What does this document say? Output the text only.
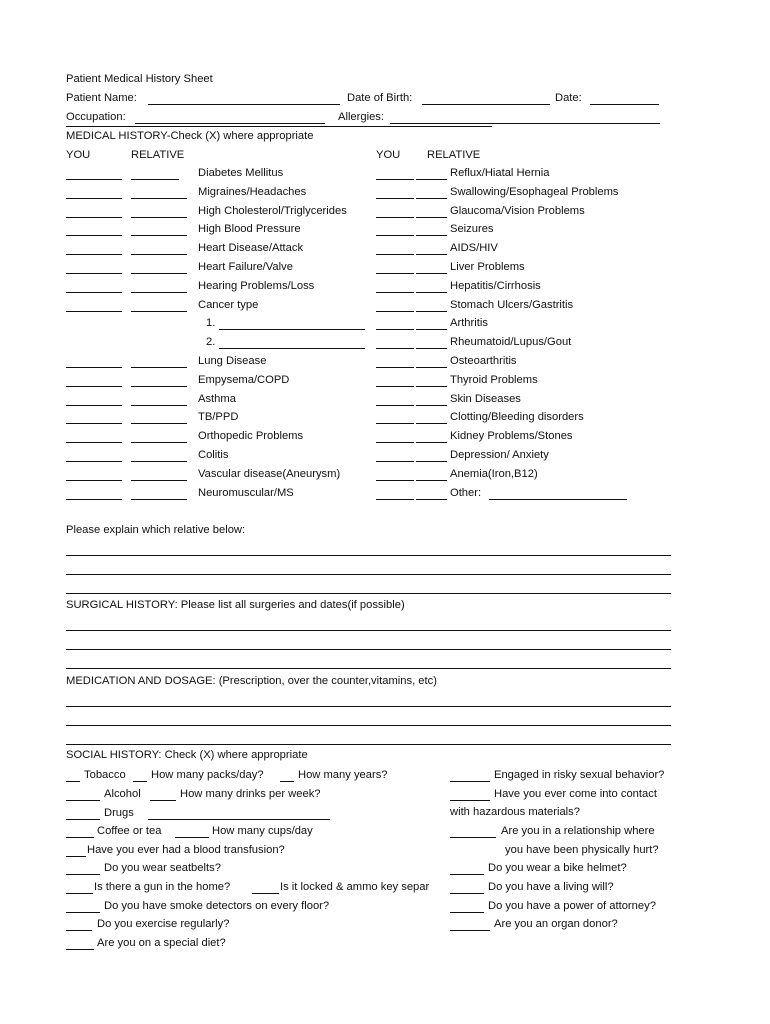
Patient Medical History Sheet
Patient Name:	Date of Birth:	Date:
Occupation:	Allergies:
MEDICAL HISTORY-Check (X) where appropriate
YOU	RELATIVE	YOU RELATIVE
Diabetes Mellitus
Migraines/Headaches
High Cholesterol/Triglycerides
High Blood Pressure
Heart Disease/Attack
Heart Failure/Valve
Hearing Problems/Loss
Cancer type
1.
2.
Lung Disease
Empysema/COPD
Asthma
TB/PPD
Orthopedic Problems
Colitis
Vascular disease(Aneurysm)
Neuromuscular/MS
Reflux/Hiatal Hernia
Swallowing/Esophageal Problems
Glaucoma/Vision Problems
Seizures
AIDS/HIV
Liver Problems
Hepatitis/Cirrhosis
Stomach Ulcers/Gastritis
Arthritis
Rheumatoid/Lupus/Gout
Osteoarthritis
Thyroid Problems
Skin Diseases
Clotting/Bleeding disorders
Kidney Problems/Stones
Depression/ Anxiety
Anemia(Iron,B12)
Other:
Please explain which relative below:
SURGICAL HISTORY: Please list all surgeries and dates(if possible)
MEDICATION AND DOSAGE: (Prescription, over the counter,vitamins, etc)
SOCIAL HISTORY: Check (X) where appropriate
Tobacco How many packs/day?	How many years?
Alcohol	How many drinks per week?
Drugs
Coffee or tea	How many cups/day
Have you ever had a blood transfusion?
Do you wear seatbelts?
Is there a gun in the home?	Is it locked & ammo key separ
Do you have smoke detectors on every floor?
Do you exercise regularly?
Are you on a special diet?
Engaged in risky sexual behavior?
Have you ever come into contact
with hazardous materials?
Are you in a relationship where
you have been physically hurt?
Do you wear a bike helmet?
Do you have a living will?
Do you have a power of attorney?
Are you an organ donor?
